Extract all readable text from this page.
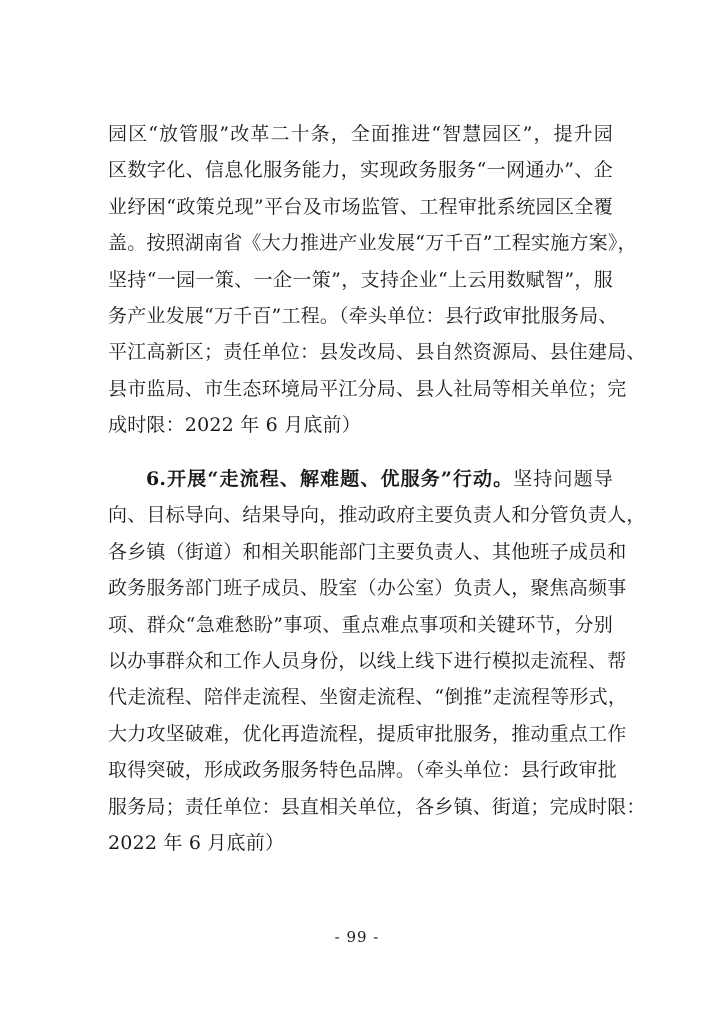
园区“放管服”改革二十条，全面推进“智慧园区”，提升园
区数字化、信息化服务能力，实现政务服务“一网通办”、企
业纾困“政策兑现”平台及市场监管、工程审批系统园区全覆
盖。按照湖南省《大力推进产业发展“万千百”工程实施方案》，
坚持“一园一策、一企一策”，支持企业“上云用数赋智”，服
务产业发展“万千百”工程。（牵头单位：县行政审批服务局、
平江高新区；责任单位：县发改局、县自然资源局、县住建局、
县市监局、市生态环境局平江分局、县人社局等相关单位；完
成时限：2022 年 6 月底前）
6.开展“走流程、解难题、优服务”行动。坚持问题导
向、目标导向、结果导向，推动政府主要负责人和分管负责人，
各乡镇（街道）和相关职能部门主要负责人、其他班子成员和
政务服务部门班子成员、股室（办公室）负责人，聚焦高频事
项、群众“急难愁盼”事项、重点难点事项和关键环节，分别
以办事群众和工作人员身份，以线上线下进行模拟走流程、帮
代走流程、陪伴走流程、坐窗走流程、“倒推”走流程等形式，
大力攻坚破难，优化再造流程，提质审批服务，推动重点工作
取得突破，形成政务服务特色品牌。（牵头单位：县行政审批
服务局；责任单位：县直相关单位，各乡镇、街道；完成时限：
2022 年 6 月底前）
- 99 -
